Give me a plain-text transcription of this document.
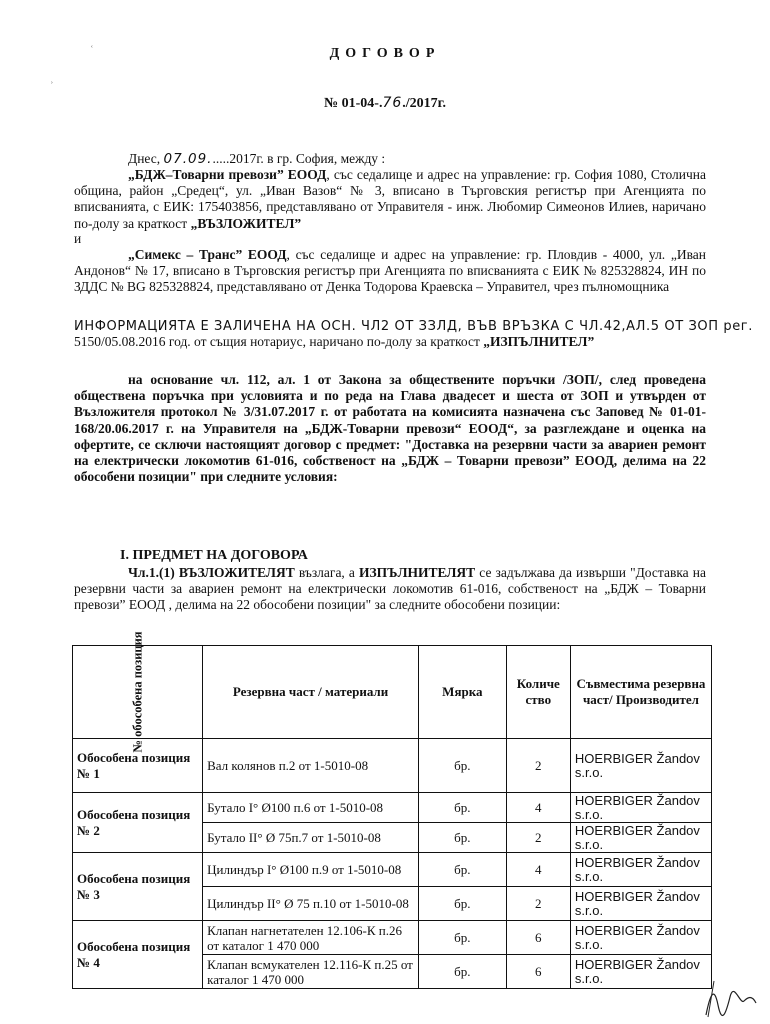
ʿ
ʾ
ДОГОВОР
№ 01-04-.76./2017г.
Днес, 07.09......2017г. в гр. София, между :
„БДЖ–Товарни превози” ЕООД, със седалище и адрес на управление: гр. София 1080, Столична община, район „Средец“, ул. „Иван Вазов“ № 3, вписано в Търговския регистър при Агенцията по вписванията, с ЕИК: 175403856, представлявано от Управителя - инж. Любомир Симеонов Илиев, наричано по-долу за краткост „ВЪЗЛОЖИТЕЛ”
и
„Симекс – Транс” ЕООД, със седалище и адрес на управление: гр. Пловдив - 4000, ул. „Иван Андонов“ № 17, вписано в Търговския регистър при Агенцията по вписванията с ЕИК № 825328824, ИН по ЗДДС № BG 825328824, представлявано от Денка Тодорова Краевска – Управител, чрез пълномощника
ИНФОРМАЦИЯТА Е ЗАЛИЧЕНА НА ОСН. ЧЛ2 ОТ ЗЗЛД, ВЪВ ВРЪЗКА С ЧЛ.42,АЛ.5 ОТ ЗОП рег.
5150/05.08.2016 год. от същия нотариус, наричано по-долу за краткост „ИЗПЪЛНИТЕЛ”
на основание чл. 112, ал. 1 от Закона за обществените поръчки /ЗОП/, след проведена обществена поръчка при условията и по реда на Глава двадесет и шеста от ЗОП и утвърден от Възложителя протокол № 3/31.07.2017 г. от работата на комисията назначена със Заповед № 01-01-168/20.06.2017 г. на Управителя на „БДЖ-Товарни превози“ ЕООД“, за разглеждане и оценка на офертите, се сключи настоящият договор с предмет: "Доставка на резервни части за авариен ремонт на електрически локомотив 61-016, собственост на „БДЖ – Товарни превози” ЕООД, делима на 22 обособени позиции" при следните условия:
I. ПРЕДМЕТ НА ДОГОВОРА
Чл.1.(1) ВЪЗЛОЖИТЕЛЯТ възлага, а ИЗПЪЛНИТЕЛЯТ се задължава да извърши "Доставка на резервни части за авариен ремонт на електрически локомотив 61-016, собственост на „БДЖ – Товарни превози” ЕООД , делима на 22 обособени позиции" за следните обособени позиции:
№ обособена позиция	Резервна част / материали	Мярка	Количе ство	Съвместима резервна част/ Производител
Обособена позиция № 1	Вал колянов п.2 от 1-5010-08	бр.	2	HOERBIGER Žandov s.r.o.
Обособена позиция № 2	Бутало I° Ø100 п.6 от 1-5010-08	бр.	4	HOERBIGER Žandov s.r.o.
	Бутало II° Ø 75п.7 от 1-5010-08	бр.	2	HOERBIGER Žandov s.r.o.
Обособена позиция № 3	Цилиндър I° Ø100 п.9 от 1-5010-08	бр.	4	HOERBIGER Žandov s.r.o.
	Цилиндър II° Ø 75 п.10 от 1-5010-08	бр.	2	HOERBIGER Žandov s.r.o.
Обособена позиция № 4	Клапан нагнетателен 12.106-К п.26 от каталог 1 470 000	бр.	6	HOERBIGER Žandov s.r.o.
	Клапан всмукателен 12.116-К п.25 от каталог 1 470 000	бр.	6	HOERBIGER Žandov s.r.o.
